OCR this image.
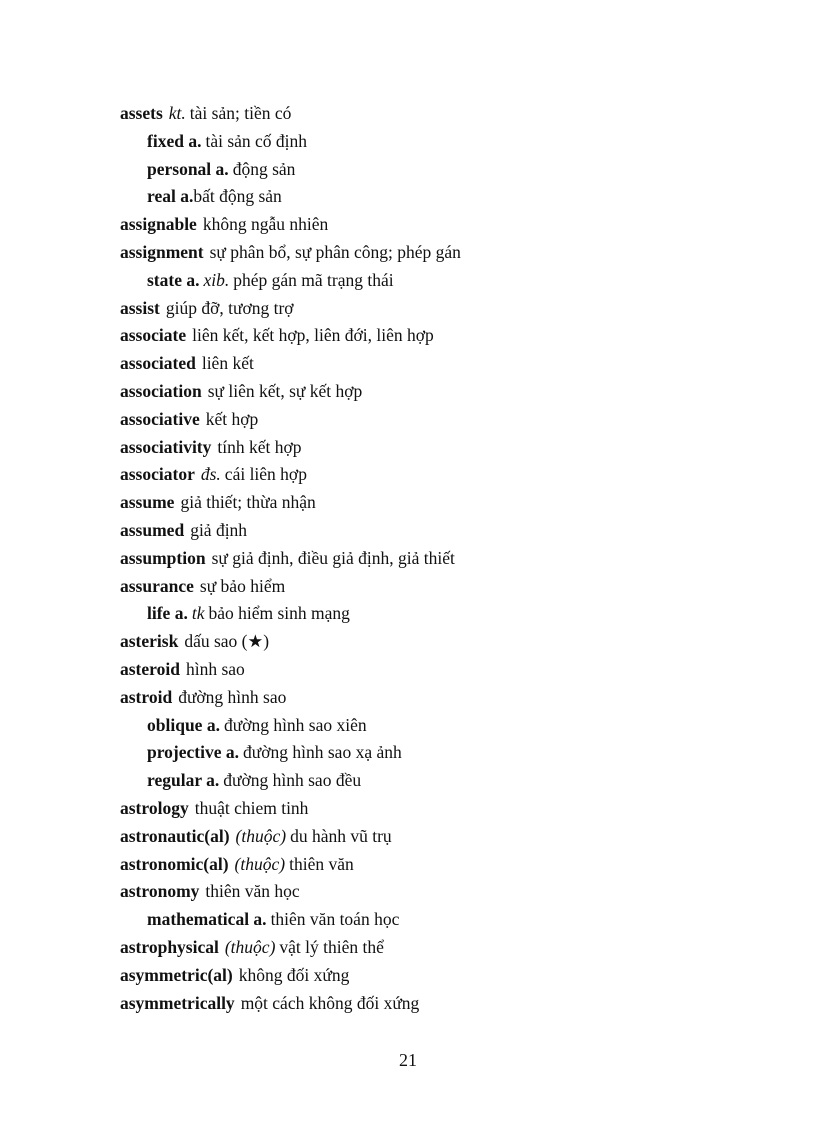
assets kt. tài sản; tiền có
fixed a. tài sản cố định
personal a. động sản
real a.bất động sản
assignable không ngẫu nhiên
assignment sự phân bổ, sự phân công; phép gán
state a. xib. phép gán mã trạng thái
assist giúp đỡ, tương trợ
associate liên kết, kết hợp, liên đới, liên hợp
associated liên kết
association sự liên kết, sự kết hợp
associative kết hợp
associativity tính kết hợp
associator đs. cái liên hợp
assume giả thiết; thừa nhận
assumed giả định
assumption sự giả định, điều giả định, giả thiết
assurance sự bảo hiểm
life a. tk bảo hiểm sinh mạng
asterisk dấu sao (★)
asteroid hình sao
astroid đường hình sao
oblique a. đường hình sao xiên
projective a. đường hình sao xạ ảnh
regular a. đường hình sao đều
astrology thuật chiem tinh
astronautic(al) (thuộc) du hành vũ trụ
astronomic(al) (thuộc) thiên văn
astronomy thiên văn học
mathematical a. thiên văn toán học
astrophysical (thuộc) vật lý thiên thể
asymmetric(al) không đối xứng
asymmetrically một cách không đối xứng
21
